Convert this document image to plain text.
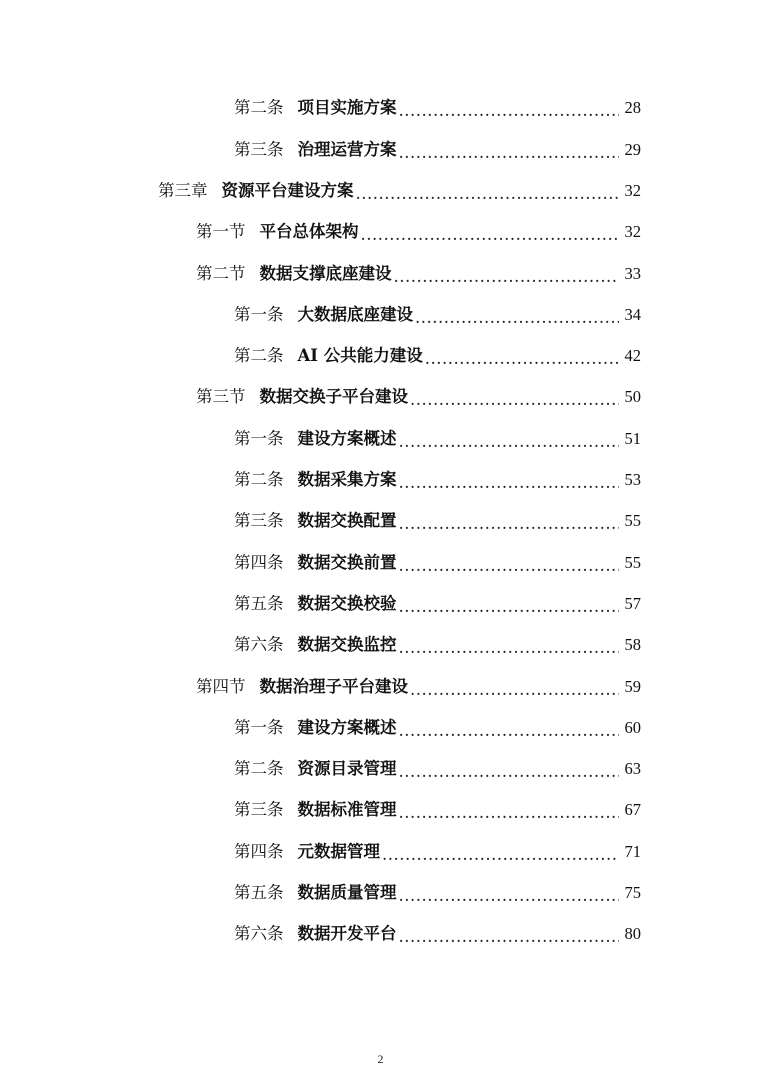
第二条 项目实施方案 .....	28
第三条 治理运营方案 .....	29
第三章 资源平台建设方案 .....	32
第一节 平台总体架构 .....	32
第二节 数据支撑底座建设 .....	33
第一条 大数据底座建设 .....	34
第二条 AI 公共能力建设 .....	42
第三节 数据交换子平台建设 .....	50
第一条 建设方案概述 .....	51
第二条 数据采集方案 .....	53
第三条 数据交换配置 .....	55
第四条 数据交换前置 .....	55
第五条 数据交换校验 .....	57
第六条 数据交换监控 .....	58
第四节 数据治理子平台建设 .....	59
第一条 建设方案概述 .....	60
第二条 资源目录管理 .....	63
第三条 数据标准管理 .....	67
第四条 元数据管理 .....	71
第五条 数据质量管理 .....	75
第六条 数据开发平台 .....	80
2
